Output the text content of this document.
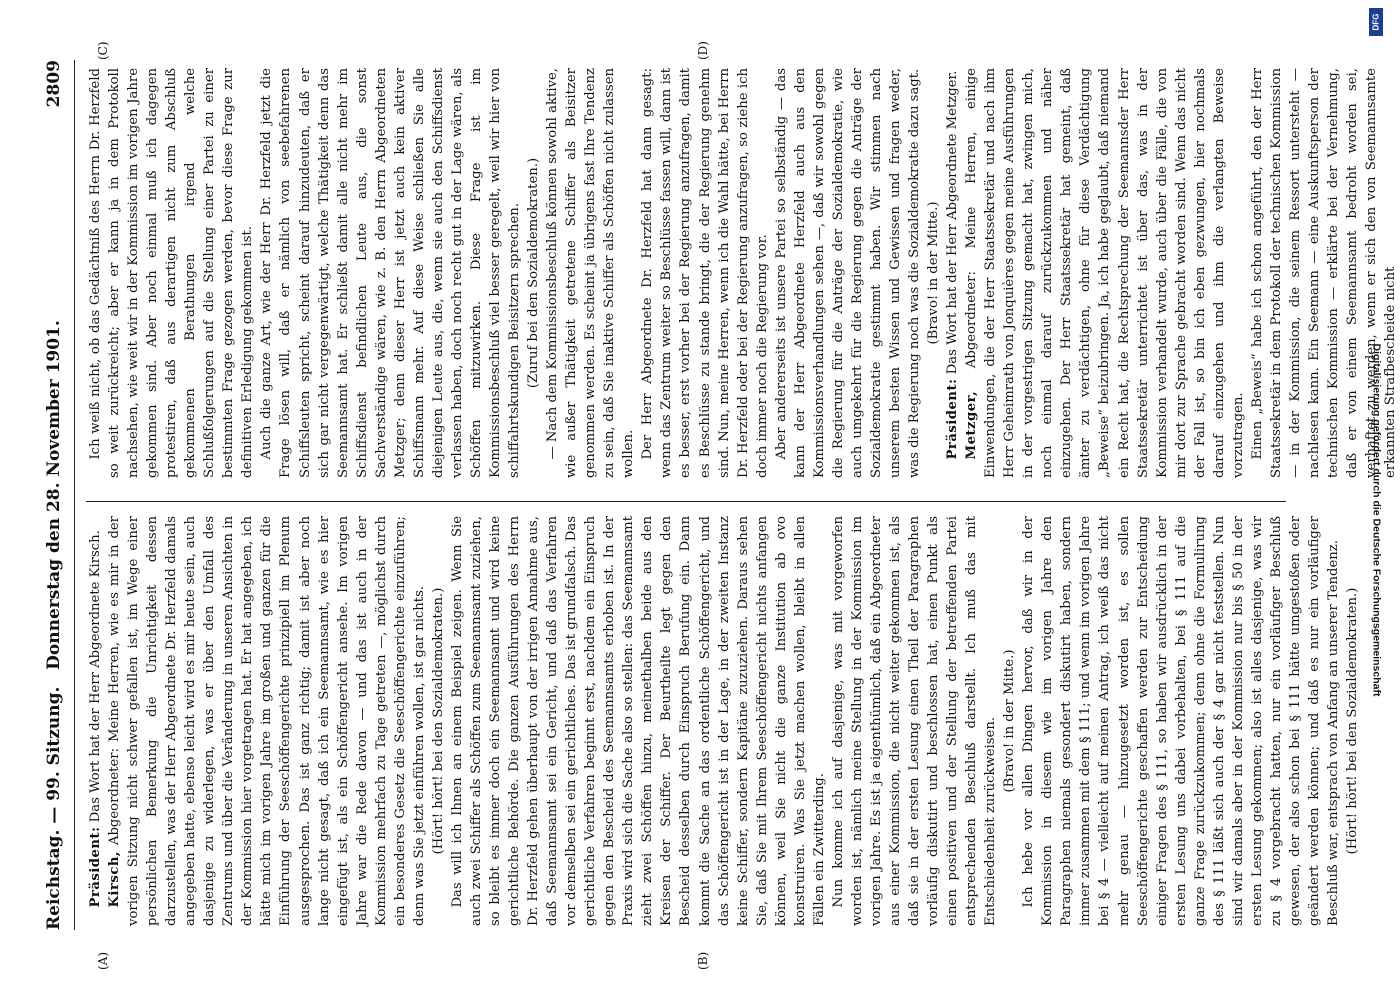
Reichstag. — 99. Sitzung.
Donnerstag den 28. November 1901.
2809

Präsident: Das Wort hat der Herr Abgeordnete Kirsch.

Kirsch, Abgeordneter: Meine Herren, wie es mir in der vorigen Sitzung nicht schwer gefallen ist, im Wege einer persönlichen Bemerkung die Unrichtigkeit dessen darzustellen, was der Herr Abgeordnete Dr. Herzfeld damals angegeben hatte, ebenso leicht wird es mir heute sein, auch dasjenige zu widerlegen, was er über den Umfall des Zentrums und über die Veränderung in unseren Ansichten in der Kommission hier vorgetragen hat. Er hat angegeben, ich hätte mich im vorigen Jahre im großen und ganzen für die Einführung der Seeschöffengerichte prinzipiell im Plenum ausgesprochen. Das ist ganz richtig; damit ist aber noch lange nicht gesagt, daß ich ein Seemannsamt, wie es hier eingefügt ist, als ein Schöffengericht ansehe. Im vorigen Jahre war die Rede davon — und das ist auch in der Kommission mehrfach zu Tage getreten —, möglichst durch ein besonderes Gesetz die Seeschöffengerichte einzuführen; denn was Sie jetzt einführen wollen, ist gar nichts. (Hört! hört! bei den Sozialdemokraten.) Das will ich Ihnen an einem Beispiel zeigen. Wenn Sie auch zwei Schiffer als Schöffen zum Seemannsamt zuziehen, so bleibt es immer doch ein Seemannsamt und wird keine gerichtliche Behörde. Die ganzen Ausführungen des Herrn Dr. Herzfeld gehen überhaupt von der irrigen Annahme aus, daß Seemannsamt sei ein Gericht, und daß das Verfahren vor demselben sei ein gerichtliches. Das ist grundfalsch. Das gerichtliche Verfahren beginnt erst, nachdem ein Einspruch gegen den Bescheid des Seemannsamts erhoben ist. In der Praxis wird sich die Sache also so stellen: das Seemannsamt zieht zwei Schöffen hinzu, meinethalben beide aus den Kreisen der Schiffer. Der Beurtheilte legt gegen den Bescheid desselben durch Einspruch Berufung ein. Dann kommt die Sache an das ordentliche Schöffengericht, und das Schöffengericht ist in der Lage, in der zweiten Instanz keine Schiffer, sondern Kapitäne zuzuziehen. Daraus sehen Sie, daß Sie mit Ihrem Seeschöffengericht nichts anfangen können, weil Sie nicht die ganze Institution ab ovo konstruiren. Was Sie jetzt machen wollen, bleibt in allen Fällen ein Zwitterding. Nun komme ich auf dasjenige, was mit vorgeworfen worden ist, nämlich meine Stellung in der Kommission im vorigen Jahre. Es ist ja eigenthümlich, daß ein Abgeordneter aus einer Kommission, die nicht weiter gekommen ist, als daß sie in der ersten Lesung einen Theil der Paragraphen vorläufig diskutirt und beschlossen hat, einen Punkt als einen positiven und der Stellung der betreffenden Partei entsprechenden Beschluß darstellt. Ich muß das mit Entschiedenheit zurückweisen. (Bravo! in der Mitte.) Ich hebe vor allen Dingen hervor, daß wir in der Kommission in diesem wie im vorigen Jahre den Paragraphen niemals gesondert diskutirt haben, sondern immer zusammen mit dem § 111; und wenn im vorigen Jahre bei § 4 — vielleicht auf meinen Antrag, ich weiß das nicht mehr genau — hinzugesetzt worden ist, es sollen Seeschöffengerichte geschaffen werden zur Entscheidung einiger Fragen des § 111, so haben wir ausdrücklich in der ersten Lesung uns dabei vorbehalten, bei § 111 auf die ganze Frage zurückzukommen; denn ohne die Formulirung des § 111 läßt sich auch der § 4 gar nicht feststellen. Nun sind wir damals aber in der Kommission nur bis § 50 in der ersten Lesung gekommen; also ist alles dasjenige, was wir zu § 4 vorgebracht hatten, nur ein vorläufiger Beschluß gewesen, der also schon bei § 111 hätte umgestoßen oder geändert werden können; und daß es nur ein vorläufiger Beschluß war, entsprach von Anfang an unserer Tendenz. (Hört! hört! bei den Sozialdemokraten.)

Ich weiß nicht, ob das Gedächtniß des Herrn Dr. Herzfeld so weit zurückreicht; aber er kann ja in dem Protokoll nachsehen, wie weit wir in der Kommission im vorigen Jahre gekommen sind. Aber noch einmal muß ich dagegen protestiren, daß aus derartigen nicht zum Abschluß gekommenen Berathungen irgend welche Schlußfolgerungen auf die Stellung einer Partei zu einer bestimmten Frage gezogen werden, bevor diese Frage zur definitiven Erledigung gekommen ist. Auch die ganze Art, wie der Herr Dr. Herzfeld jetzt die Frage lösen will, daß er nämlich von seebefahrenen Schiffsleuten spricht, scheint darauf hinzudeuten, daß er sich gar nicht vergegenwärtigt, welche Thätigkeit denn das Seemannsamt hat. Er schließt damit alle nicht mehr im Schiffsdienst befindlichen Leute aus, die sonst Sachverständige wären, wie z. B. den Herrn Abgeordneten Metzger; denn dieser Herr ist jetzt auch kein aktiver Schiffsmann mehr. Auf diese Weise schließen Sie alle diejenigen Leute aus, die, wenn sie auch den Schiffsdienst verlassen haben, doch noch recht gut in der Lage wären, als Schöffen mitzuwirken. Diese Frage ist im Kommissionsbeschluß viel besser geregelt, weil wir hier von schiffahrtskundigen Beisitzern sprechen. (Zuruf bei den Sozialdemokraten.) — Nach dem Kommissionsbeschluß können sowohl aktive, wie außer Thätigkeit getretene Schiffer als Beisitzer genommen werden. Es scheint ja übrigens fast Ihre Tendenz zu sein, daß Sie inaktive Schiffer als Schöffen nicht zulassen wollen. Der Herr Abgeordnete Dr. Herzfeld hat dann gesagt: wenn das Zentrum weiter so Beschlüsse fassen will, dann ist es besser, erst vorher bei der Regierung anzufragen, damit es Beschlüsse zu stande bringt, die der Regierung genehm sind. Nun, meine Herren, wenn ich die Wahl hätte, bei Herrn Dr. Herzfeld oder bei der Regierung anzufragen, so ziehe ich doch immer noch die Regierung vor. Aber andererseits ist unsere Partei so selbständig — das kann der Herr Abgeordnete Herzfeld auch aus den Kommissionsverhandlungen sehen —, daß wir sowohl gegen die Regierung für die Anträge der Sozialdemokratie, wie auch umgekehrt für die Regierung gegen die Anträge der Sozialdemokratie gestimmt haben. Wir stimmen nach unserem besten Wissen und Gewissen und fragen weder, was die Regierung noch was die Sozialdemokratie dazu sagt. (Bravo! in der Mitte.)

Präsident: Das Wort hat der Herr Abgeordnete Metzger.

Metzger, Abgeordneter: Meine Herren, einige Einwendungen, die der Herr Staatssekretär und nach ihm Herr Geheimrath von Jonquières gegen meine Ausführungen in der vorgestrigen Sitzung gemacht hat, zwingen mich, noch einmal darauf zurückzukommen und näher einzugehen. Der Herr Staatssekretär hat gemeint, daß ämter zu verdächtigen, ohne für diese Verdächtigung „Beweise“ beizubringen. Ja, ich habe geglaubt, daß niemand ein Recht hat, die Rechtsprechung der Seemannsder Herr Staatssekretär unterrichtet ist über das, was in der Kommission verhandelt wurde, auch über die Fälle, die von mir dort zur Sprache gebracht worden sind. Wenn das nicht der Fall ist, so bin ich eben gezwungen, hier nochmals darauf einzugehen und ihm die verlangten Beweise vorzutragen. Einen „Beweis“ habe ich schon angeführt, den der Herr Staatssekretär in dem Protokoll der technischen Kommission — in der Kommission, die seinem Ressort untersteht — nachlesen kann. Ein Seemann — eine Auskunftsperson der technischen Kommission — erklärte bei der Vernehmung, daß er von einem Seemannsamt bedroht worden sei, verhaftet zu werden, wenn er sich den von Seemannsamte erkannten Strafbescheide nicht

(A)	(B)
(C)	(D)
Digitalisierung gefördert durch die Deutsche Forschungsgemeinschaft
DFG
